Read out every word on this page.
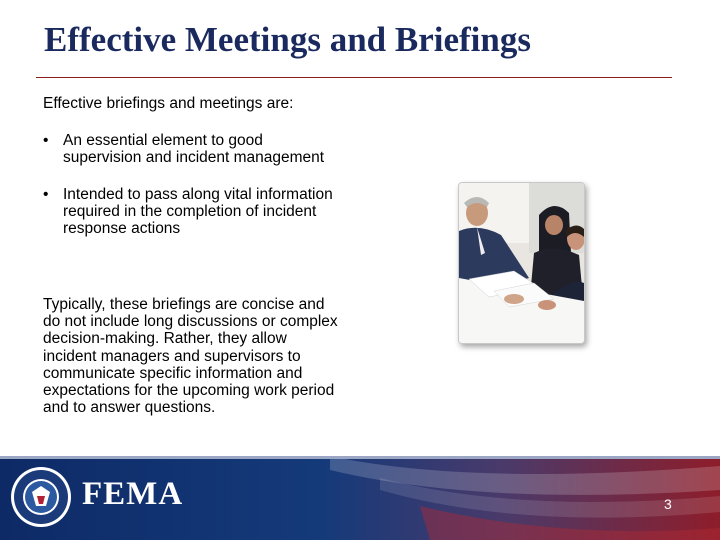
Effective Meetings and Briefings
Effective briefings and meetings are:
• An essential element to good supervision and incident management
• Intended to pass along vital information required in the completion of incident response actions
Typically, these briefings are concise and do not include long discussions or complex decision-making. Rather, they allow incident managers and supervisors to communicate specific information and expectations for the upcoming work period and to answer questions.
FEMA	3
